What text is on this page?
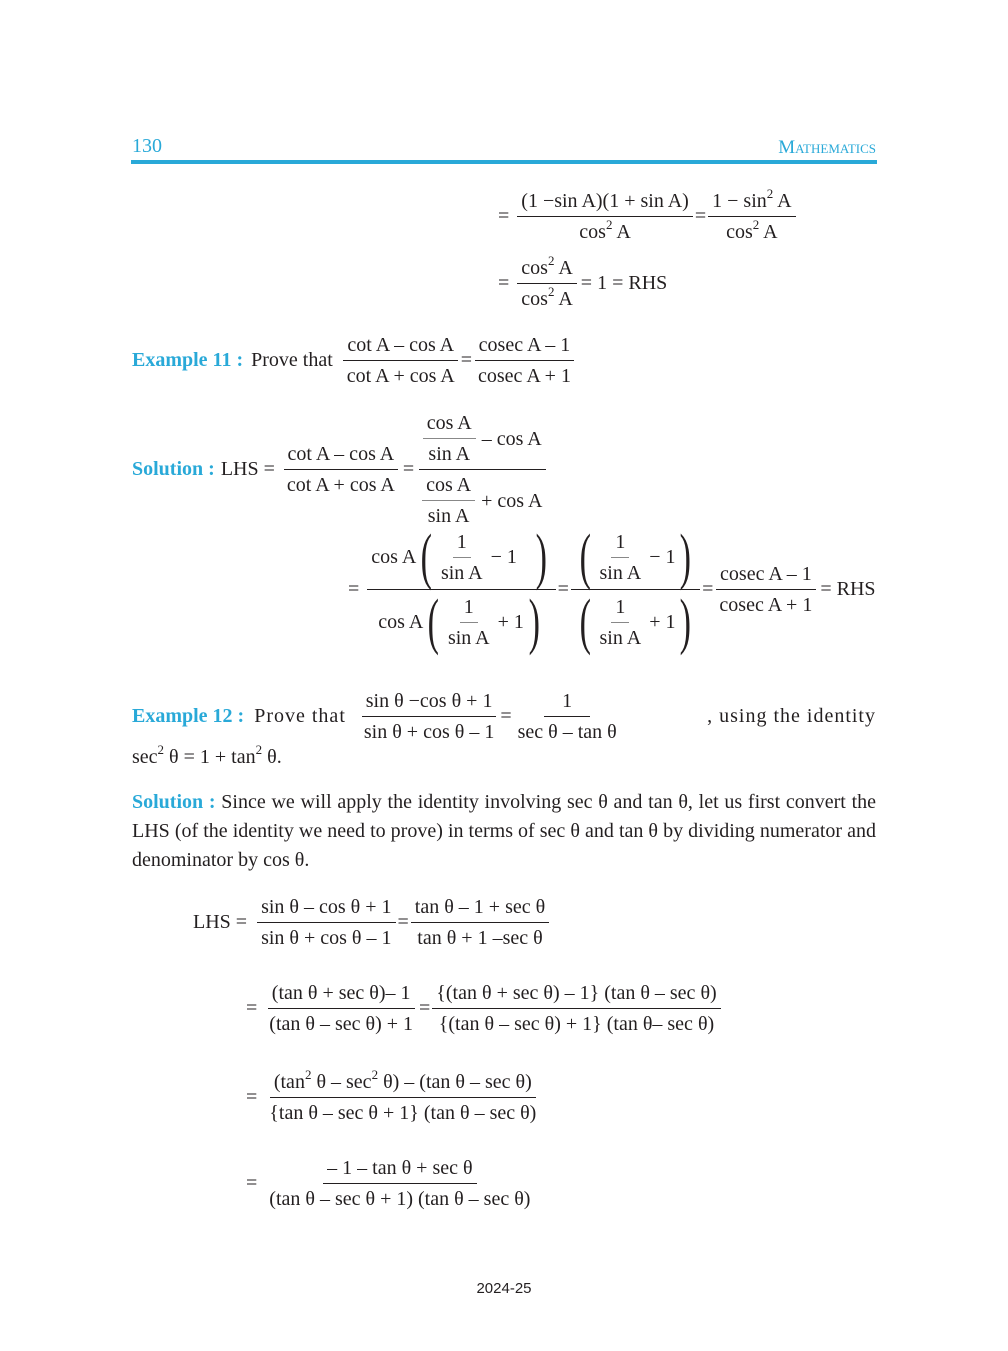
130	Mathematics
= $\frac{\text{(1 −sin A)(1 + sin A)}}{\cos^2 A} = \frac{1 - \sin^2 A}{\cos^2 A}$
= $\frac{\cos^2 A}{\cos^2 A} = 1$ = RHS
Example 11 : Prove that $\frac{\text{cot A – cos A}}{\text{cot A + cos A}} = \frac{\text{cosec A – 1}}{\text{cosec A + 1}}$
Solution : LHS = $\frac{\text{cot A – cos A}}{\text{cot A + cos A}} = \frac{\frac{\text{cos A}}{\text{sin A}} - \cos A}{\frac{\text{cos A}}{\text{sin A}} + \cos A}$
= $\frac{\cos A ( \frac{1}{\text{sin A}} - 1 )}{\cos A ( \frac{1}{\text{sin A}} + 1 )} = \frac{( \frac{1}{\text{sin A}} - 1 )}{( \frac{1}{\text{sin A}} + 1 )} = \frac{\text{cosec A – 1}}{\text{cosec A + 1}}$ = RHS
Example 12 : Prove that $\frac{\text{sin θ −cos θ + 1}}{\text{sin θ + cos θ – 1}} = \frac{1}{\text{sec θ – tan θ}}$	, using the identity
$\sec^2 \theta = 1 + \tan^2 \theta$.
Solution : Since we will apply the identity involving sec θ and tan θ, let us first convert the LHS (of the identity we need to prove) in terms of sec θ and tan θ by dividing numerator and denominator by cos θ.
LHS = $\frac{\text{sin θ – cos θ + 1}}{\text{sin θ + cos θ – 1}} = \frac{\text{tan θ – 1 + sec θ}}{\text{tan θ + 1 –sec θ}}$
= $\frac{\text{(tan θ + sec θ)– 1}}{\text{(tan θ – sec θ) + 1}} = \frac{\text{\{(tan θ + sec θ) – 1\} (tan θ – sec θ)}}{\text{\{(tan θ – sec θ) + 1\} (tan θ– sec θ)}}$
= $\frac{(\tan^2 \theta - \sec^2 \theta) - (\tan \theta - \sec \theta)}{\text{\{tan θ – sec θ + 1\} (tan θ – sec θ)}}$
= $\frac{\text{– 1 – tan θ + sec θ}}{\text{(tan θ – sec θ + 1) (tan θ – sec θ)}}$
2024-25
